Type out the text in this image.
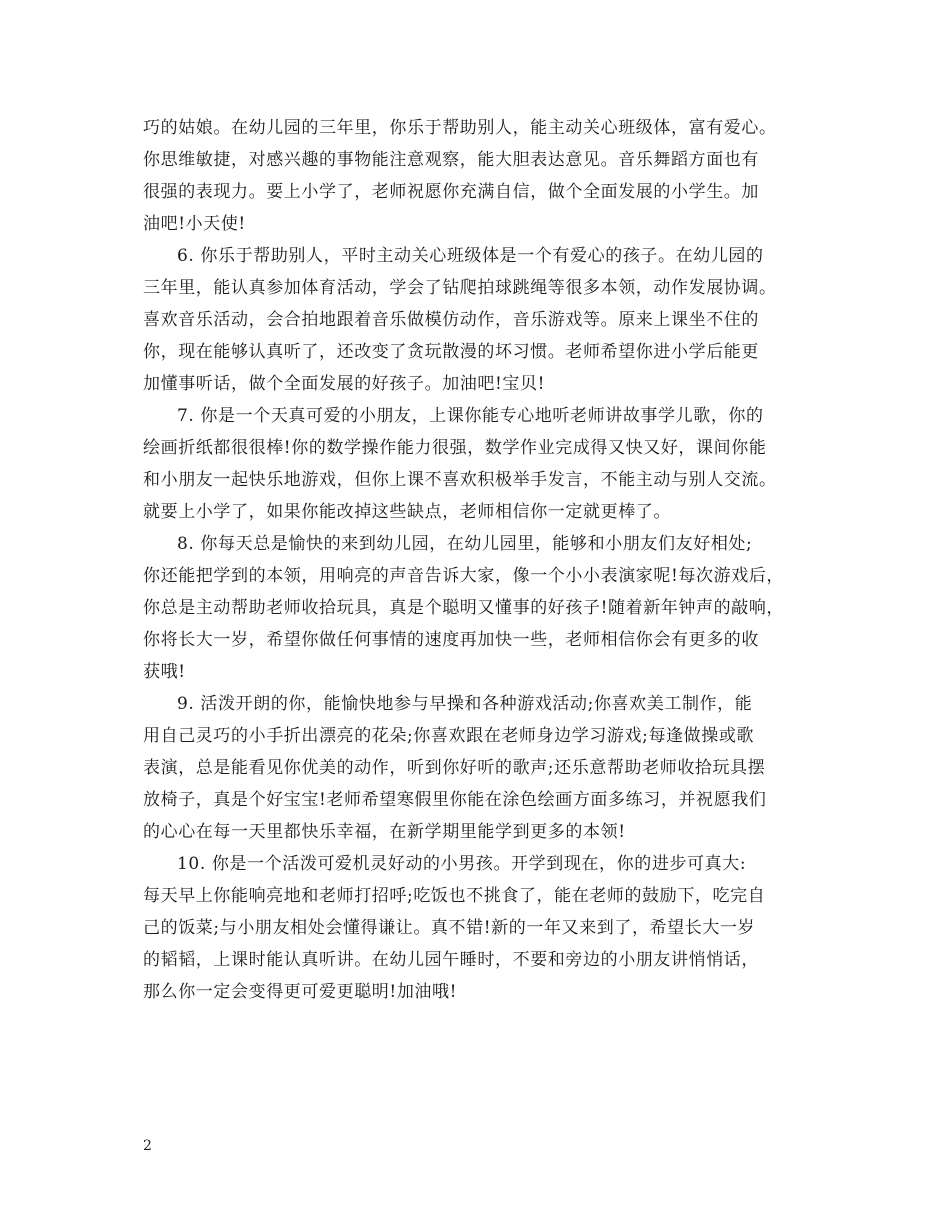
巧的姑娘。在幼儿园的三年里，你乐于帮助别人，能主动关心班级体，富有爱心。
你思维敏捷，对感兴趣的事物能注意观察，能大胆表达意见。音乐舞蹈方面也有
很强的表现力。要上小学了，老师祝愿你充满自信，做个全面发展的小学生。加
油吧!小天使!

6. 你乐于帮助别人，平时主动关心班级体是一个有爱心的孩子。在幼儿园的
三年里，能认真参加体育活动，学会了钻爬拍球跳绳等很多本领，动作发展协调。
喜欢音乐活动，会合拍地跟着音乐做模仿动作，音乐游戏等。原来上课坐不住的
你，现在能够认真听了，还改变了贪玩散漫的坏习惯。老师希望你进小学后能更
加懂事听话，做个全面发展的好孩子。加油吧!宝贝!

7. 你是一个天真可爱的小朋友，上课你能专心地听老师讲故事学儿歌，你的
绘画折纸都很很棒!你的数学操作能力很强，数学作业完成得又快又好，课间你能
和小朋友一起快乐地游戏，但你上课不喜欢积极举手发言，不能主动与别人交流。
就要上小学了，如果你能改掉这些缺点，老师相信你一定就更棒了。

8. 你每天总是愉快的来到幼儿园，在幼儿园里，能够和小朋友们友好相处;
你还能把学到的本领，用响亮的声音告诉大家，像一个小小表演家呢!每次游戏后，
你总是主动帮助老师收拾玩具，真是个聪明又懂事的好孩子!随着新年钟声的敲响，
你将长大一岁，希望你做任何事情的速度再加快一些，老师相信你会有更多的收
获哦!

9. 活泼开朗的你，能愉快地参与早操和各种游戏活动;你喜欢美工制作，能
用自己灵巧的小手折出漂亮的花朵;你喜欢跟在老师身边学习游戏;每逢做操或歌
表演，总是能看见你优美的动作，听到你好听的歌声;还乐意帮助老师收拾玩具摆
放椅子，真是个好宝宝!老师希望寒假里你能在涂色绘画方面多练习，并祝愿我们
的心心在每一天里都快乐幸福，在新学期里能学到更多的本领!

10. 你是一个活泼可爱机灵好动的小男孩。开学到现在，你的进步可真大:
每天早上你能响亮地和老师打招呼;吃饭也不挑食了，能在老师的鼓励下，吃完自
己的饭菜;与小朋友相处会懂得谦让。真不错!新的一年又来到了，希望长大一岁
的韬韬，上课时能认真听讲。在幼儿园午睡时，不要和旁边的小朋友讲悄悄话，
那么你一定会变得更可爱更聪明!加油哦!

2
